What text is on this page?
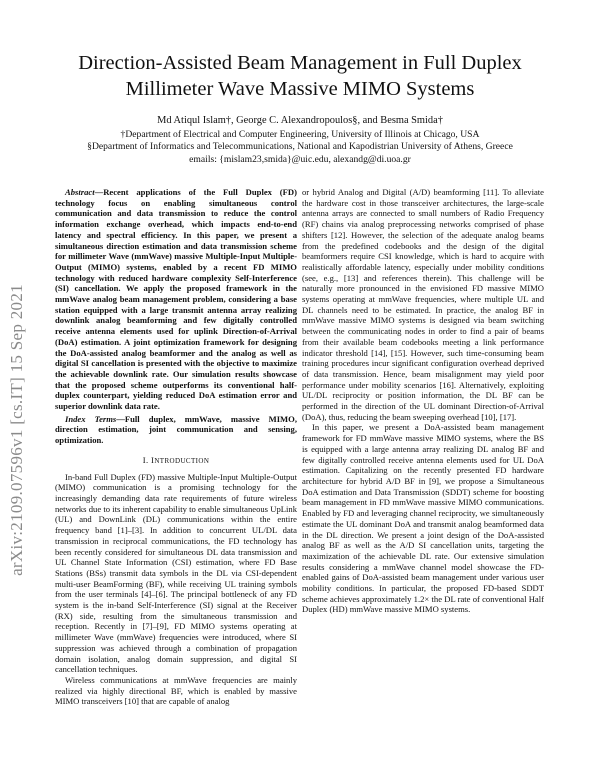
arXiv:2109.07596v1 [cs.IT] 15 Sep 2021
Direction-Assisted Beam Management in Full Duplex Millimeter Wave Massive MIMO Systems
Md Atiqul Islam†, George C. Alexandropoulos§, and Besma Smida†
†Department of Electrical and Computer Engineering, University of Illinois at Chicago, USA
§Department of Informatics and Telecommunications, National and Kapodistrian University of Athens, Greece
emails: {mislam23,smida}@uic.edu, alexandg@di.uoa.gr

Abstract—Recent applications of the Full Duplex (FD) technology focus on enabling simultaneous control communication and data transmission to reduce the control information exchange overhead, which impacts end-to-end latency and spectral efficiency. In this paper, we present a simultaneous direction estimation and data transmission scheme for millimeter Wave (mmWave) massive Multiple-Input Multiple-Output (MIMO) systems, enabled by a recent FD MIMO technology with reduced hardware complexity Self-Interference (SI) cancellation. We apply the proposed framework in the mmWave analog beam management problem, considering a base station equipped with a large transmit antenna array realizing downlink analog beamforming and few digitally controlled receive antenna elements used for uplink Direction-of-Arrival (DoA) estimation. A joint optimization framework for designing the DoA-assisted analog beamformer and the analog as well as digital SI cancellation is presented with the objective to maximize the achievable downlink rate. Our simulation results showcase that the proposed scheme outperforms its conventional half-duplex counterpart, yielding reduced DoA estimation error and superior downlink data rate.

Index Terms—Full duplex, mmWave, massive MIMO, direction estimation, joint communication and sensing, optimization.

I. INTRODUCTION

In-band Full Duplex (FD) massive Multiple-Input Multiple-Output (MIMO) communication is a promising technology for the increasingly demanding data rate requirements of future wireless networks due to its inherent capability to enable simultaneous UpLink (UL) and DownLink (DL) communications within the entire frequency band [1]–[3]. In addition to concurrent UL/DL data transmission in reciprocal communications, the FD technology has been recently considered for simultaneous DL data transmission and UL Channel State Information (CSI) estimation, where FD Base Stations (BSs) transmit data symbols in the DL via CSI-dependent multi-user BeamForming (BF), while receiving UL training symbols from the user terminals [4]–[6]. The principal bottleneck of any FD system is the in-band Self-Interference (SI) signal at the Receiver (RX) side, resulting from the simultaneous transmission and reception. Recently in [7]–[9], FD MIMO systems operating at millimeter Wave (mmWave) frequencies were introduced, where SI suppression was achieved through a combination of propagation domain isolation, analog domain suppression, and digital SI cancellation techniques.

Wireless communications at mmWave frequencies are mainly realized via highly directional BF, which is enabled by massive MIMO transceivers [10] that are capable of analog

or hybrid Analog and Digital (A/D) beamforming [11]. To alleviate the hardware cost in those transceiver architectures, the large-scale antenna arrays are connected to small numbers of Radio Frequency (RF) chains via analog preprocessing networks comprised of phase shifters [12]. However, the selection of the adequate analog beams from the predefined codebooks and the design of the digital beamformers require CSI knowledge, which is hard to acquire with realistically affordable latency, especially under mobility conditions (see, e.g., [13] and references therein). This challenge will be naturally more pronounced in the envisioned FD massive MIMO systems operating at mmWave frequencies, where multiple UL and DL channels need to be estimated. In practice, the analog BF in mmWave massive MIMO systems is designed via beam switching between the communicating nodes in order to find a pair of beams from their available beam codebooks meeting a link performance indicator threshold [14], [15]. However, such time-consuming beam training procedures incur significant configuration overhead deprived of data transmission. Hence, beam misalignment may yield poor performance under mobility scenarios [16]. Alternatively, exploiting UL/DL reciprocity or position information, the DL BF can be performed in the direction of the UL dominant Direction-of-Arrival (DoA), thus, reducing the beam sweeping overhead [10], [17].

In this paper, we present a DoA-assisted beam management framework for FD mmWave massive MIMO systems, where the BS is equipped with a large antenna array realizing DL analog BF and few digitally controlled receive antenna elements used for UL DoA estimation. Capitalizing on the recently presented FD hardware architecture for hybrid A/D BF in [9], we propose a Simultaneous DoA estimation and Data Transmission (SDDT) scheme for boosting beam management in FD mmWave massive MIMO communications. Enabled by FD and leveraging channel reciprocity, we simultaneously estimate the UL dominant DoA and transmit analog beamformed data in the DL direction. We present a joint design of the DoA-assisted analog BF as well as the A/D SI cancellation units, targeting the maximization of the achievable DL rate. Our extensive simulation results considering a mmWave channel model showcase the FD-enabled gains of DoA-assisted beam management under various user mobility conditions. In particular, the proposed FD-based SDDT scheme achieves approximately 1.2× the DL rate of conventional Half Duplex (HD) mmWave massive MIMO systems.
